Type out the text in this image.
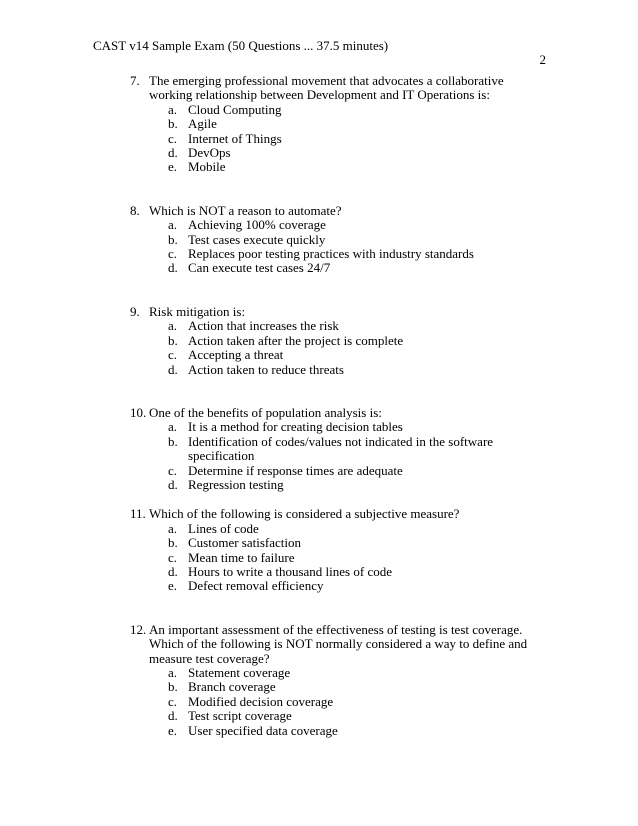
CAST v14 Sample Exam (50 Questions ... 37.5 minutes)
2
7. The emerging professional movement that advocates a collaborative working relationship between Development and IT Operations is:
a. Cloud Computing
b. Agile
c. Internet of Things
d. DevOps
e. Mobile
8. Which is NOT a reason to automate?
a. Achieving 100% coverage
b. Test cases execute quickly
c. Replaces poor testing practices with industry standards
d. Can execute test cases 24/7
9. Risk mitigation is:
a. Action that increases the risk
b. Action taken after the project is complete
c. Accepting a threat
d. Action taken to reduce threats
10. One of the benefits of population analysis is:
a. It is a method for creating decision tables
b. Identification of codes/values not indicated in the software specification
c. Determine if response times are adequate
d. Regression testing
11. Which of the following is considered a subjective measure?
a. Lines of code
b. Customer satisfaction
c. Mean time to failure
d. Hours to write a thousand lines of code
e. Defect removal efficiency
12. An important assessment of the effectiveness of testing is test coverage. Which of the following is NOT normally considered a way to define and measure test coverage?
a. Statement coverage
b. Branch coverage
c. Modified decision coverage
d. Test script coverage
e. User specified data coverage
